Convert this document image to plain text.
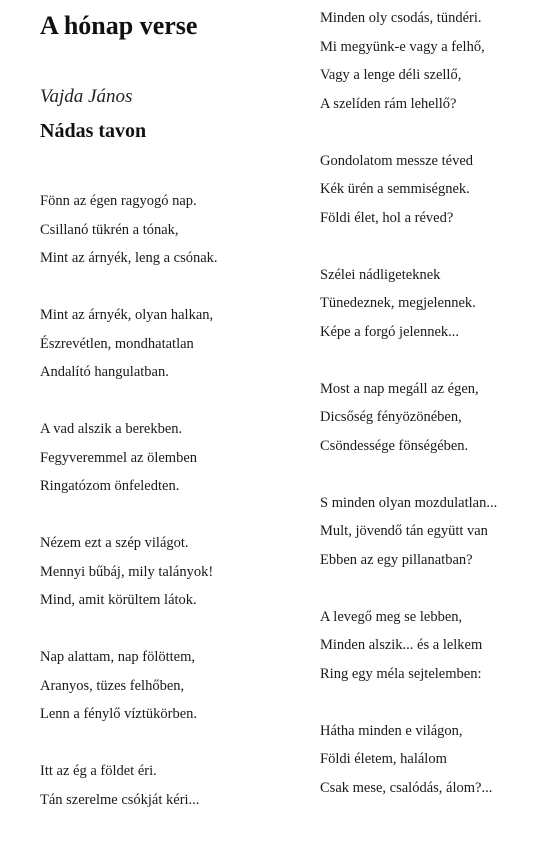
A hónap verse

Vajda János

Nádas tavon
Fönn az égen ragyogó nap.
Csillanó tükrén a tónak,
Mint az árnyék, leng a csónak.
Mint az árnyék, olyan halkan,
Észrevétlen, mondhatatlan
Andalító hangulatban.
A vad alszik a berekben.
Fegyveremmel az ölemben
Ringatózom önfeledten.
Nézem ezt a szép világot.
Mennyi bűbáj, mily talányok!
Mind, amit körültem látok.
Nap alattam, nap fölöttem,
Aranyos, tüzes felhőben,
Lenn a fénylő víztükörben.
Itt az ég a földet éri.
Tán szerelme csókját kéri...
Minden oly csodás, tündéri.
Mi megyünk-e vagy a felhő,
Vagy a lenge déli szellő,
A szelíden rám lehellő?
Gondolatom messze téved
Kék ürén a semmiségnek.
Földi élet, hol a réved?
Szélei nádligeteknek
Tünedeznek, megjelennek.
Képe a forgó jelennek...
Most a nap megáll az égen,
Dicsőség fényözönében,
Csöndessége fönségében.
S minden olyan mozdulatlan...
Mult, jövendő tán együtt van
Ebben az egy pillanatban?
A levegő meg se lebben,
Minden alszik... és a lelkem
Ring egy méla sejtelemben:
Hátha minden e világon,
Földi életem, halálom
Csak mese, csalódás, álom?...
